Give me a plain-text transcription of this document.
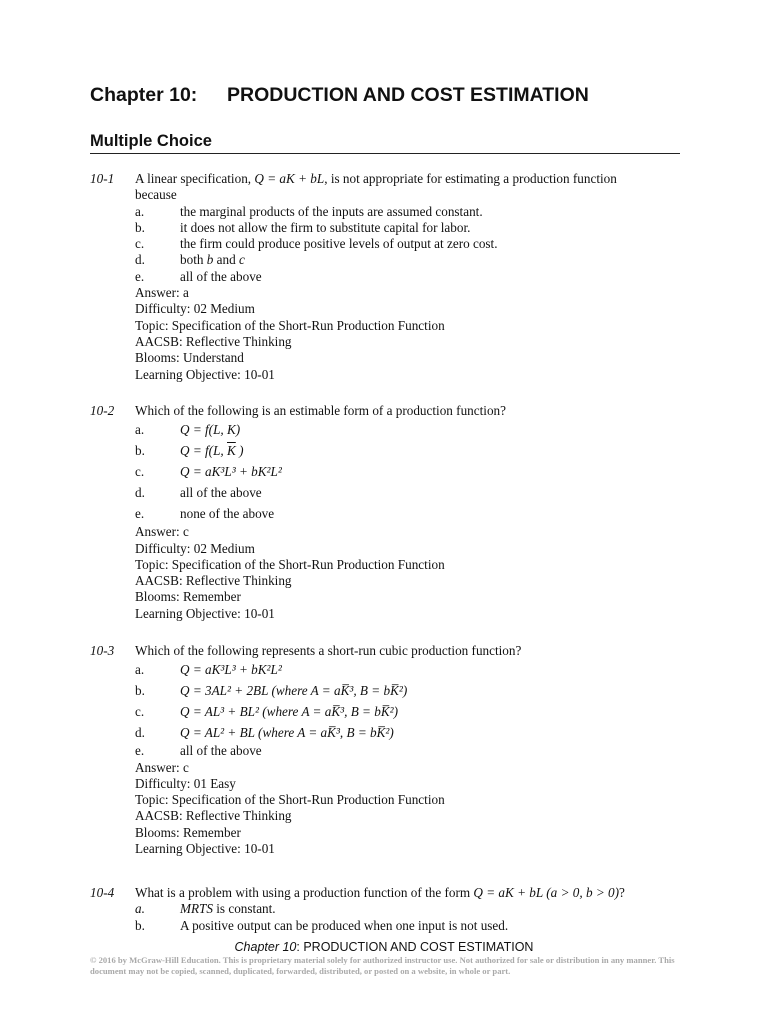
Chapter 10: PRODUCTION AND COST ESTIMATION
Multiple Choice
10-1 A linear specification, Q = aK + bL, is not appropriate for estimating a production function
because
a.	the marginal products of the inputs are assumed constant.
b.	it does not allow the firm to substitute capital for labor.
c.	the firm could produce positive levels of output at zero cost.
d.	both b and c
e.	all of the above
Answer: a
Difficulty: 02 Medium
Topic: Specification of the Short-Run Production Function
AACSB: Reflective Thinking
Blooms: Understand
Learning Objective: 10-01
10-2 Which of the following is an estimable form of a production function?
a.	Q = f(L, K)
b.	Q = f(L, $\overline{K}$ )
c.	Q = aK³L³ + bK²L²
d.	all of the above
e.	none of the above
Answer: c
Difficulty: 02 Medium
Topic: Specification of the Short-Run Production Function
AACSB: Reflective Thinking
Blooms: Remember
Learning Objective: 10-01
10-3 Which of the following represents a short-run cubic production function?
a.	Q = aK³L³ + bK²L²
b.	Q = 3AL² + 2BL (where A = aK̅³, B = bK̅²)
c.	Q = AL³ + BL² (where A = aK̅³, B = bK̅²)
d.	Q = AL² + BL (where A = aK̅³, B = bK̅²)
e.	all of the above
Answer: c
Difficulty: 01 Easy
Topic: Specification of the Short-Run Production Function
AACSB: Reflective Thinking
Blooms: Remember
Learning Objective: 10-01
10-4 What is a problem with using a production function of the form Q = aK + bL (a > 0, b > 0)?
a.	MRTS is constant.
b.	A positive output can be produced when one input is not used.
Chapter 10: PRODUCTION AND COST ESTIMATION
© 2016 by McGraw-Hill Education. This is proprietary material solely for authorized instructor use. Not authorized for sale or distribution in any manner. This document may not be copied, scanned, duplicated, forwarded, distributed, or posted on a website, in whole or part.
